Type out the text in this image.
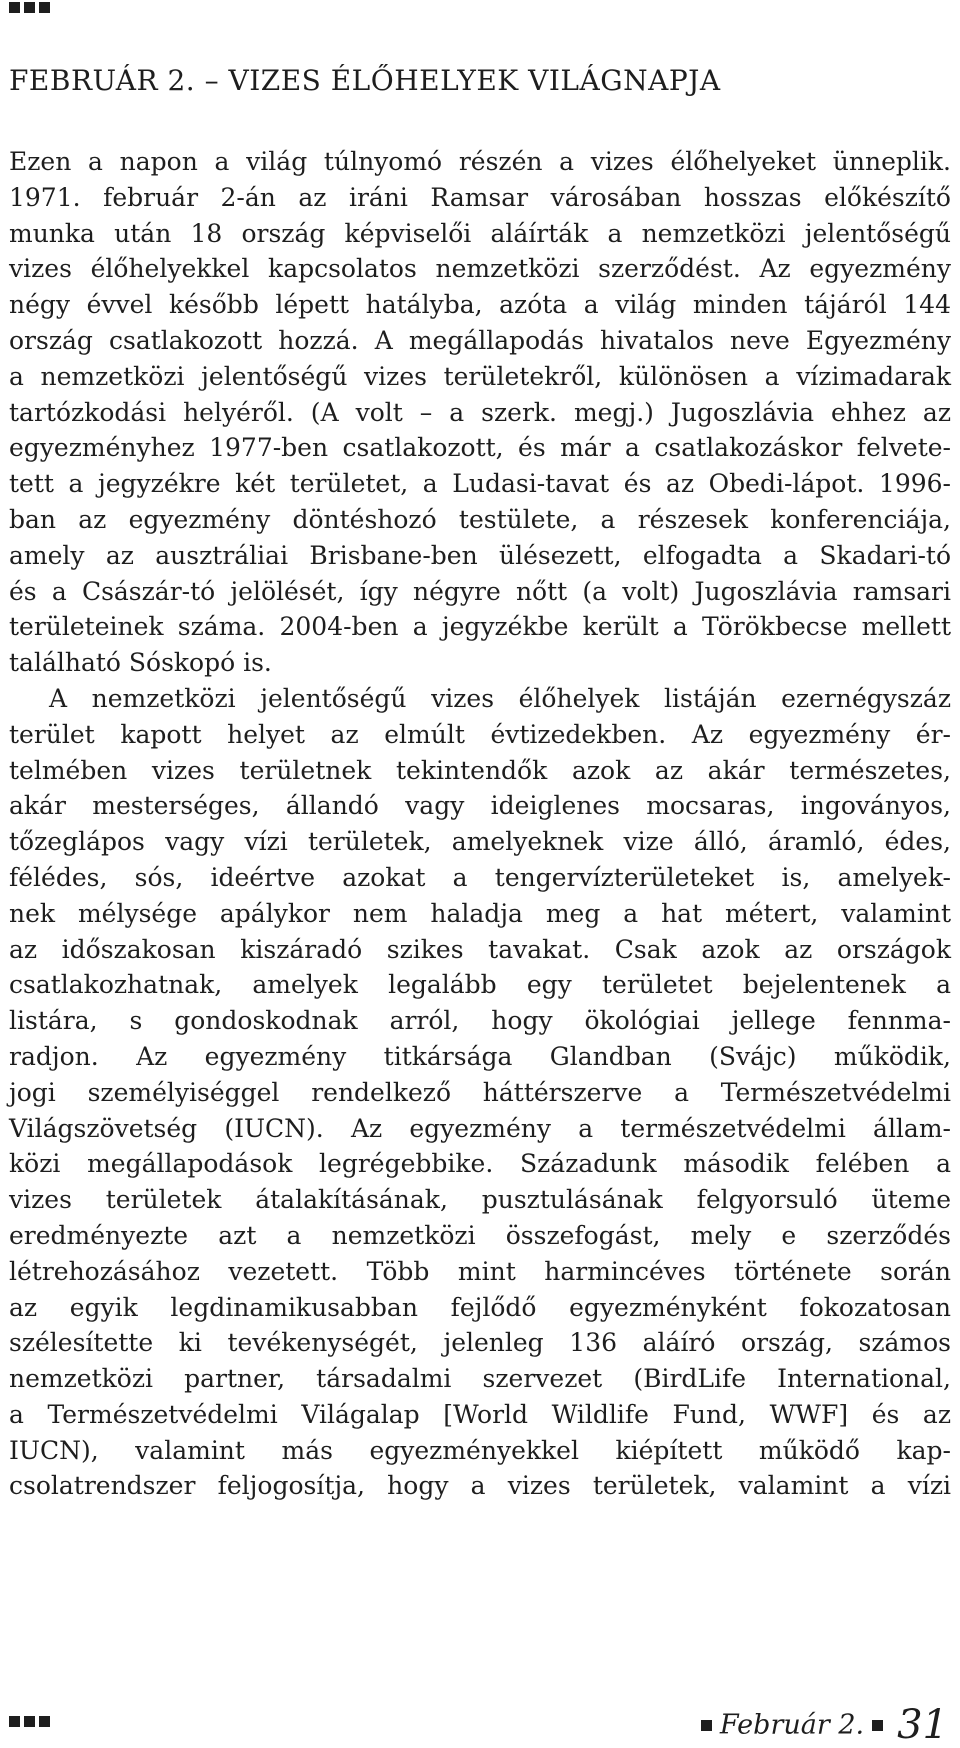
FEBRUÁR 2. – VIZES ÉLŐHELYEK VILÁGNAPJA
Ezen a napon a világ túlnyomó részén a vizes élőhelyeket ünneplik.
1971. február 2-án az iráni Ramsar városában hosszas előkészítő
munka után 18 ország képviselői aláírták a nemzetközi jelentőségű
vizes élőhelyekkel kapcsolatos nemzetközi szerződést. Az egyezmény
négy évvel később lépett hatályba, azóta a világ minden tájáról 144
ország csatlakozott hozzá. A megállapodás hivatalos neve Egyezmény
a nemzetközi jelentőségű vizes területekről, különösen a vízimadarak
tartózkodási helyéről. (A volt – a szerk. megj.) Jugoszlávia ehhez az
egyezményhez 1977-ben csatlakozott, és már a csatlakozáskor felvete-
tett a jegyzékre két területet, a Ludasi-tavat és az Obedi-lápot. 1996-
ban az egyezmény döntéshozó testülete, a részesek konferenciája,
amely az ausztráliai Brisbane-ben ülésezett, elfogadta a Skadari-tó
és a Császár-tó jelölését, így négyre nőtt (a volt) Jugoszlávia ramsari
területeinek száma. 2004-ben a jegyzékbe került a Törökbecse mellett
található Sóskopó is.
A nemzetközi jelentőségű vizes élőhelyek listáján ezernégyszáz
terület kapott helyet az elmúlt évtizedekben. Az egyezmény ér-
telmében vizes területnek tekintendők azok az akár természetes,
akár mesterséges, állandó vagy ideiglenes mocsaras, ingoványos,
tőzeglápos vagy vízi területek, amelyeknek vize álló, áramló, édes,
félédes, sós, ideértve azokat a tengervízterületeket is, amelyek-
nek mélysége apálykor nem haladja meg a hat métert, valamint
az időszakosan kiszáradó szikes tavakat. Csak azok az országok
csatlakozhatnak, amelyek legalább egy területet bejelentenek a
listára, s gondoskodnak arról, hogy ökológiai jellege fennma-
radjon. Az egyezmény titkársága Glandban (Svájc) működik,
jogi személyiséggel rendelkező háttérszerve a Természetvédelmi
Világszövetség (IUCN). Az egyezmény a természetvédelmi állam-
közi megállapodások legrégebbike. Századunk második felében a
vizes területek átalakításának, pusztulásának felgyorsuló üteme
eredményezte azt a nemzetközi összefogást, mely e szerződés
létrehozásához vezetett. Több mint harmincéves története során
az egyik legdinamikusabban fejlődő egyezményként fokozatosan
szélesítette ki tevékenységét, jelenleg 136 aláíró ország, számos
nemzetközi partner, társadalmi szervezet (BirdLife International,
a Természetvédelmi Világalap [World Wildlife Fund, WWF] és az
IUCN), valamint más egyezményekkel kiépített működő kap-
csolatrendszer feljogosítja, hogy a vizes területek, valamint a vízi
Február 2. 31
